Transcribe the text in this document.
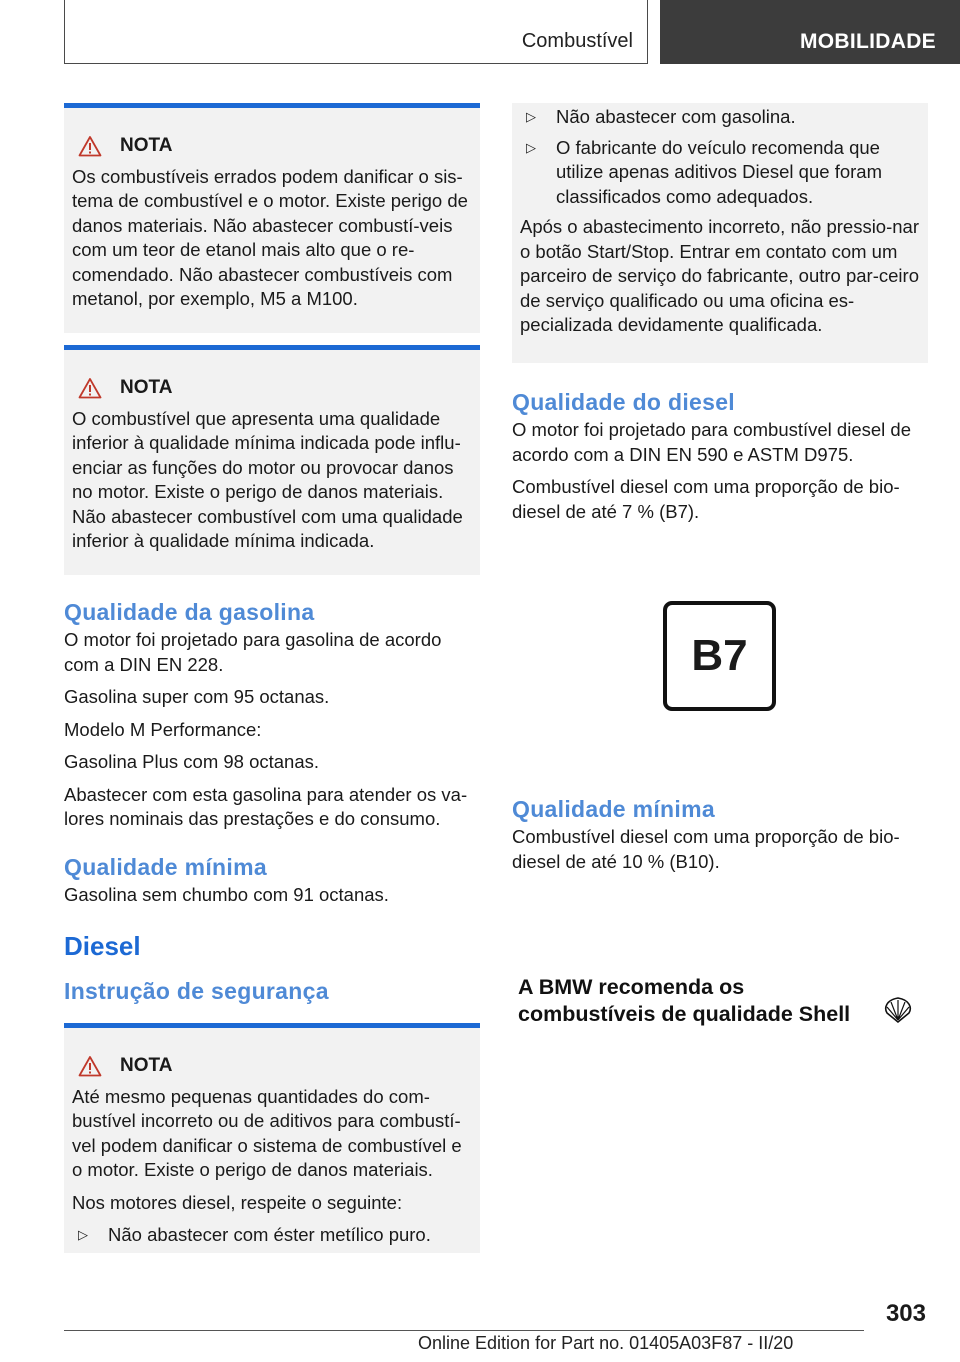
Combustível	MOBILIDADE
NOTA

Os combustíveis errados podem danificar o sis-tema de combustível e o motor. Existe perigo de danos materiais. Não abastecer combustí-veis com um teor de etanol mais alto que o re-comendado. Não abastecer combustíveis com metanol, por exemplo, M5 a M100.

NOTA

O combustível que apresenta uma qualidade inferior à qualidade mínima indicada pode influ-enciar as funções do motor ou provocar danos no motor. Existe o perigo de danos materiais. Não abastecer combustível com uma qualidade inferior à qualidade mínima indicada.

Qualidade da gasolina

O motor foi projetado para gasolina de acordo com a DIN EN 228.

Gasolina super com 95 octanas.

Modelo M Performance:

Gasolina Plus com 98 octanas.

Abastecer com esta gasolina para atender os va-lores nominais das prestações e do consumo.

Qualidade mínima

Gasolina sem chumbo com 91 octanas.

Diesel
Instrução de segurança
NOTA

Até mesmo pequenas quantidades do com-bustível incorreto ou de aditivos para combustí-vel podem danificar o sistema de combustível e o motor. Existe o perigo de danos materiais.

Nos motores diesel, respeite o seguinte:

▷	Não abastecer com éster metílico puro.
▷	Não abastecer com gasolina.
▷	O fabricante do veículo recomenda que utilize apenas aditivos Diesel que foram classificados como adequados.

Após o abastecimento incorreto, não pressio-nar o botão Start/Stop. Entrar em contato com um parceiro de serviço do fabricante, outro par-ceiro de serviço qualificado ou uma oficina es-pecializada devidamente qualificada.

Qualidade do diesel

O motor foi projetado para combustível diesel de acordo com a DIN EN 590 e ASTM D975.

Combustível diesel com uma proporção de bio-diesel de até 7 % (B7).

B7
Qualidade mínima

Combustível diesel com uma proporção de bio-diesel de até 10 % (B10).

A BMW recomenda os
combustíveis de qualidade Shell
303
Online Edition for Part no. 01405A03F87 - II/20
